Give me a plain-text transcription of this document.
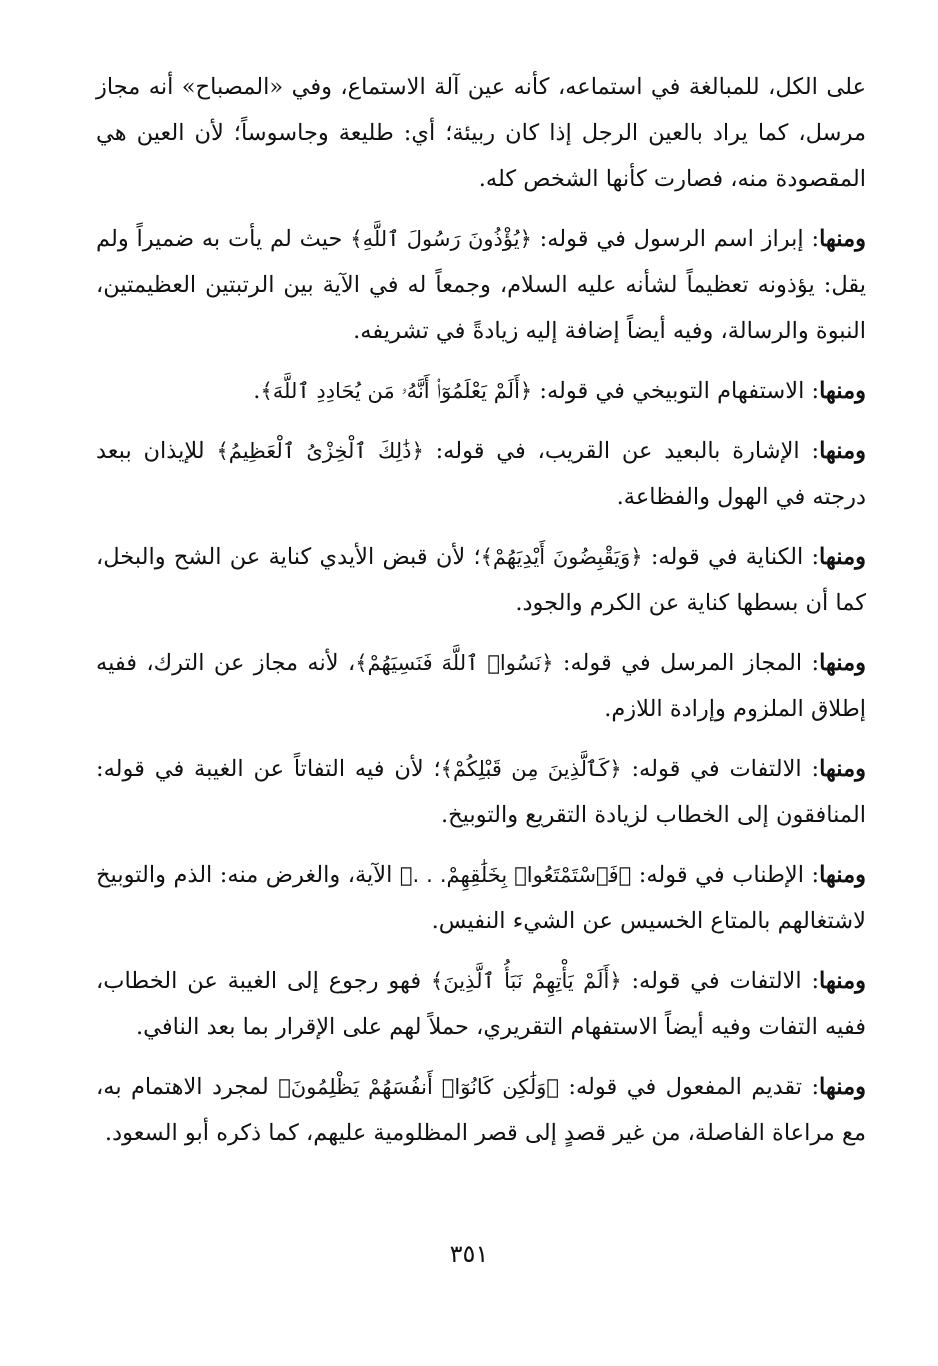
على الكل، للمبالغة في استماعه، كأنه عين آلة الاستماع، وفي «المصباح» أنه مجاز مرسل، كما يراد بالعين الرجل إذا كان ربيئة؛ أي: طليعة وجاسوساً؛ لأن العين هي المقصودة منه، فصارت كأنها الشخص كله.

ومنها: إبراز اسم الرسول في قوله: ﴿يُؤْذُونَ رَسُولَ ٱللَّهِ﴾ حيث لم يأت به ضميراً ولم يقل: يؤذونه تعظيماً لشأنه عليه السلام، وجمعاً له في الآية بين الرتبتين العظيمتين، النبوة والرسالة، وفيه أيضاً إضافة إليه زيادةً في تشريفه.

ومنها: الاستفهام التوبيخي في قوله: ﴿أَلَمْ يَعْلَمُوٓا۟ أَنَّهُۥ مَن يُحَادِدِ ٱللَّهَ﴾.

ومنها: الإشارة بالبعيد عن القريب، في قوله: ﴿ذَٰلِكَ ٱلْخِزْىُ ٱلْعَظِيمُ﴾ للإيذان ببعد درجته في الهول والفظاعة.

ومنها: الكناية في قوله: ﴿وَيَقْبِضُونَ أَيْدِيَهُمْ﴾؛ لأن قبض الأيدي كناية عن الشح والبخل، كما أن بسطها كناية عن الكرم والجود.

ومنها: المجاز المرسل في قوله: ﴿نَسُوا۟ ٱللَّهَ فَنَسِيَهُمْ﴾، لأنه مجاز عن الترك، ففيه إطلاق الملزوم وإرادة اللازم.

ومنها: الالتفات في قوله: ﴿كَٱلَّذِينَ مِن قَبْلِكُمْ﴾؛ لأن فيه التفاتاً عن الغيبة في قوله: المنافقون إلى الخطاب لزيادة التقريع والتوبيخ.

ومنها: الإطناب في قوله: ﴿فَٱسْتَمْتَعُوا۟ بِخَلَٰقِهِمْ. . .﴾ الآية، والغرض منه: الذم والتوبيخ لاشتغالهم بالمتاع الخسيس عن الشيء النفيس.

ومنها: الالتفات في قوله: ﴿أَلَمْ يَأْتِهِمْ نَبَأُ ٱلَّذِينَ﴾ فهو رجوع إلى الغيبة عن الخطاب، ففيه التفات وفيه أيضاً الاستفهام التقريري، حملاً لهم على الإقرار بما بعد النافي.

ومنها: تقديم المفعول في قوله: ﴿وَلَٰكِن كَانُوٓا۟ أَنفُسَهُمْ يَظْلِمُونَ﴾ لمجرد الاهتمام به، مع مراعاة الفاصلة، من غير قصدٍ إلى قصر المظلومية عليهم، كما ذكره أبو السعود.

٣٥١
